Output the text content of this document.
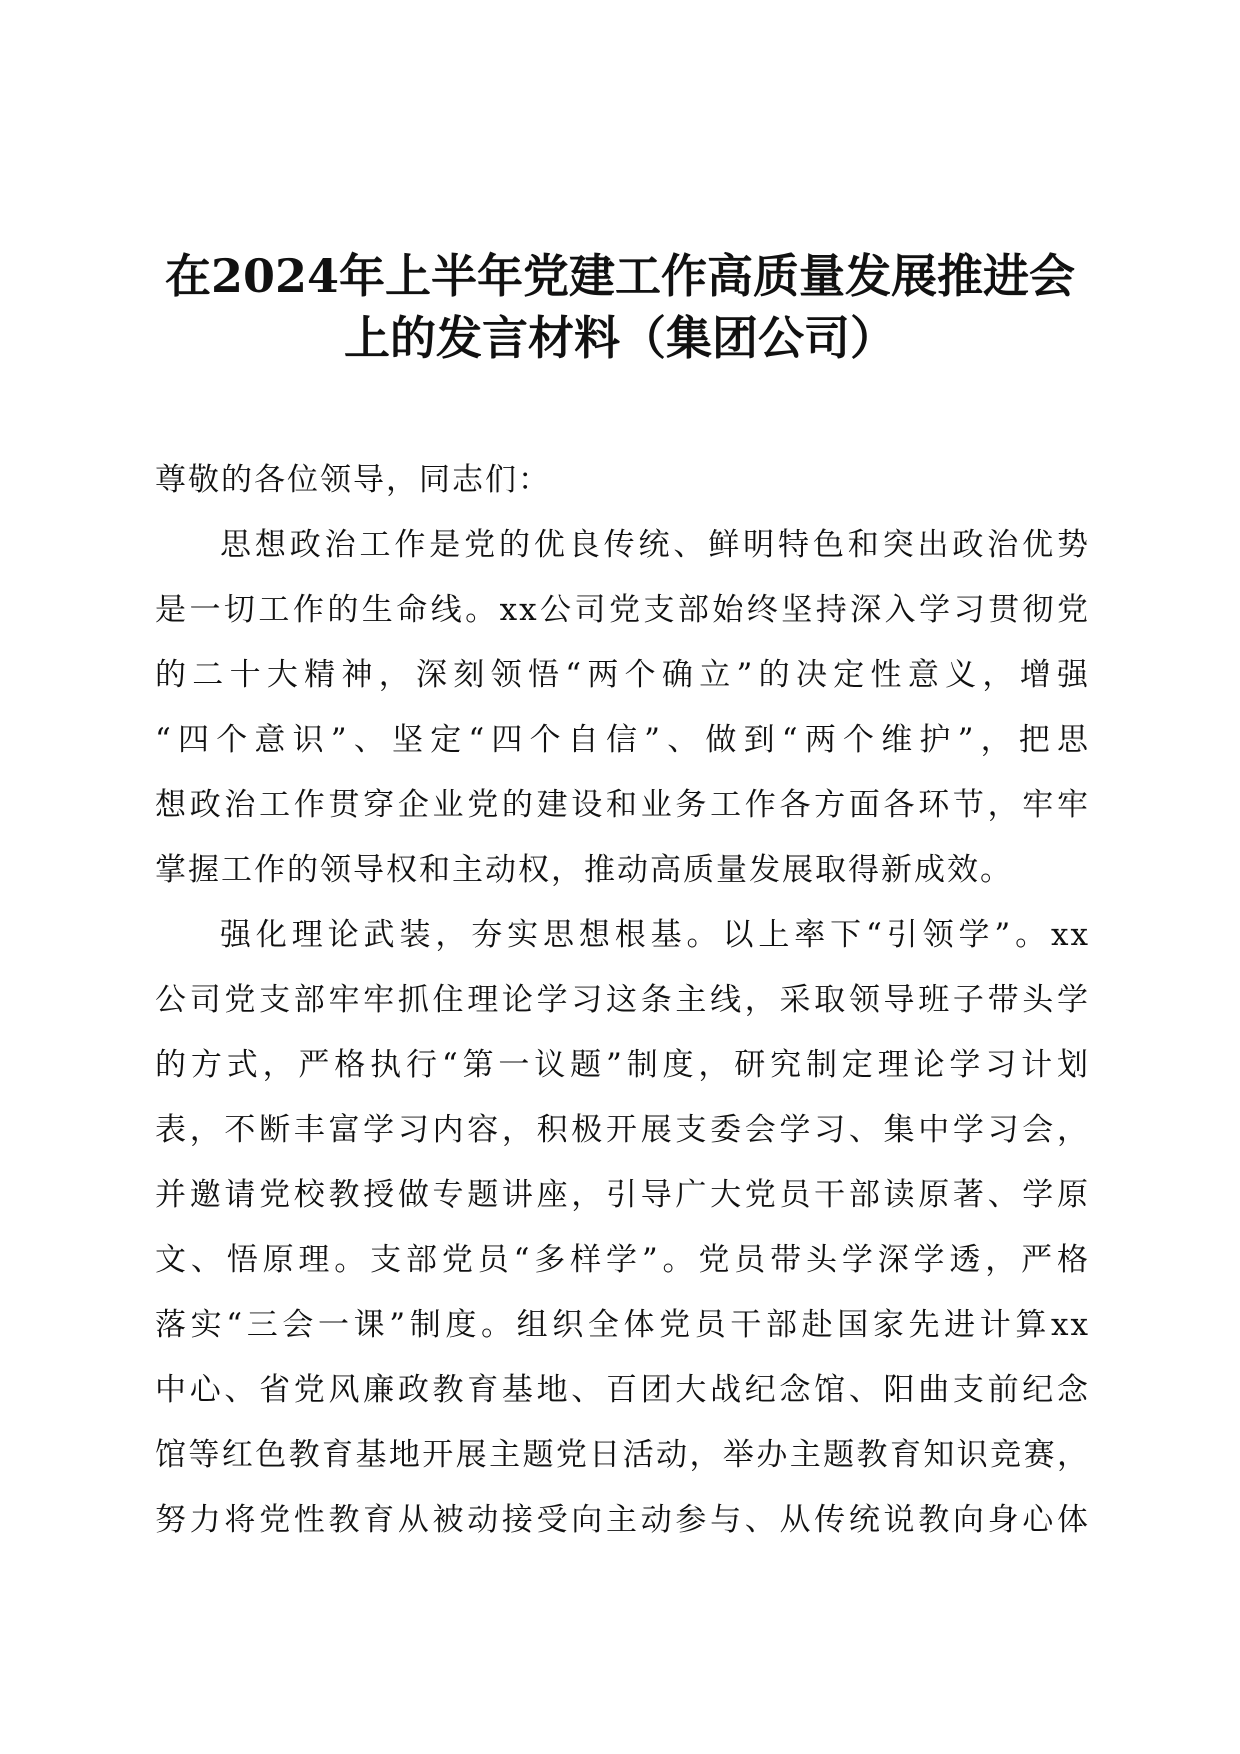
在2024年上半年党建工作高质量发展推进会
上的发言材料（集团公司）
尊敬的各位领导，同志们：
思想政治工作是党的优良传统、鲜明特色和突出政治优势
是一切工作的生命线。xx公司党支部始终坚持深入学习贯彻党
的二十大精神，深刻领悟“两个确立”的决定性意义，增强
“四个意识”、坚定“四个自信”、做到“两个维护”，把思
想政治工作贯穿企业党的建设和业务工作各方面各环节，牢牢
掌握工作的领导权和主动权，推动高质量发展取得新成效。
强化理论武装，夯实思想根基。以上率下“引领学”。xx
公司党支部牢牢抓住理论学习这条主线，采取领导班子带头学
的方式，严格执行“第一议题”制度，研究制定理论学习计划
表，不断丰富学习内容，积极开展支委会学习、集中学习会，
并邀请党校教授做专题讲座，引导广大党员干部读原著、学原
文、悟原理。支部党员“多样学”。党员带头学深学透，严格
落实“三会一课”制度。组织全体党员干部赴国家先进计算xx
中心、省党风廉政教育基地、百团大战纪念馆、阳曲支前纪念
馆等红色教育基地开展主题党日活动，举办主题教育知识竞赛，
努力将党性教育从被动接受向主动参与、从传统说教向身心体
